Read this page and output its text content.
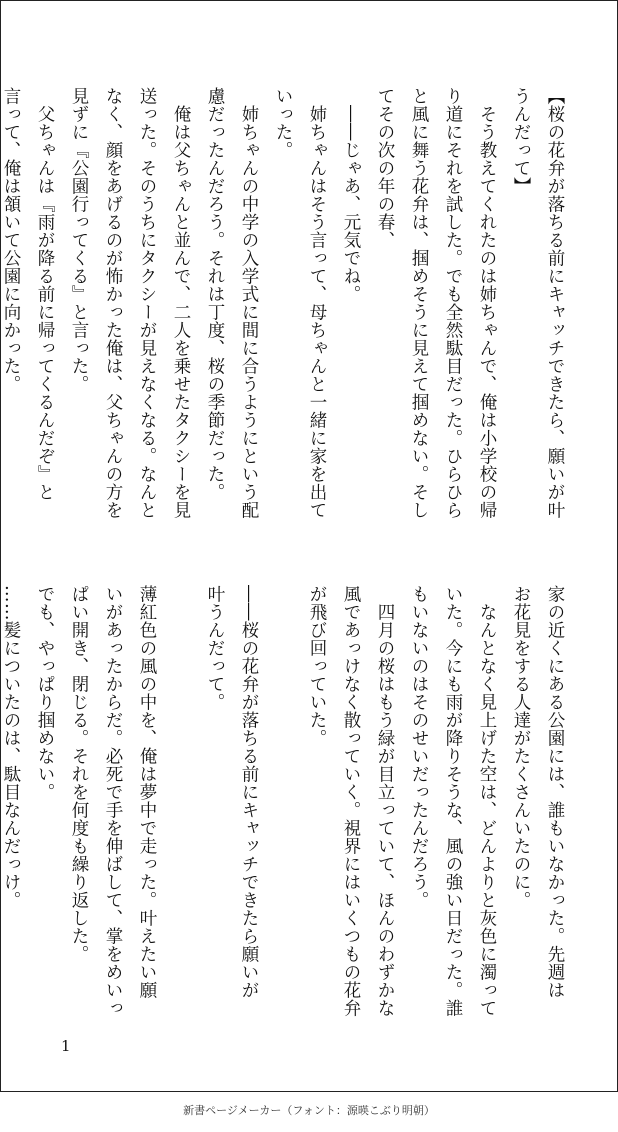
【桜の花弁が落ちる前にキャッチできたら、願いが叶
うんだって】
　そう教えてくれたのは姉ちゃんで、俺は小学校の帰
り道にそれを試した。でも全然駄目だった。ひらひら
と風に舞う花弁は、掴めそうに見えて掴めない。そし
てその次の年の春、
　――じゃあ、元気でね。
　姉ちゃんはそう言って、母ちゃんと一緒に家を出て
いった。
　姉ちゃんの中学の入学式に間に合うようにという配
慮だったんだろう。それは丁度、桜の季節だった。
　俺は父ちゃんと並んで、二人を乗せたタクシーを見
送った。そのうちにタクシーが見えなくなる。なんと
なく、顔をあげるのが怖かった俺は、父ちゃんの方を
見ずに『公園行ってくる』と言った。
　父ちゃんは『雨が降る前に帰ってくるんだぞ』と
言って、俺は頷いて公園に向かった。
家の近くにある公園には、誰もいなかった。先週は
お花見をする人達がたくさんいたのに。
　なんとなく見上げた空は、どんよりと灰色に濁って
いた。今にも雨が降りそうな、風の強い日だった。誰
もいないのはそのせいだったんだろう。
　四月の桜はもう緑が目立っていて、ほんのわずかな
風であっけなく散っていく。視界にはいくつもの花弁
が飛び回っていた。

――桜の花弁が落ちる前にキャッチできたら願いが
叶うんだって。

薄紅色の風の中を、俺は夢中で走った。叶えたい願
いがあったからだ。必死で手を伸ばして、掌をめいっ
ぱい開き、閉じる。それを何度も繰り返した。
でも、やっぱり掴めない。
……髪についたのは、駄目なんだっけ。
1
新書ページメーカー（フォント：源暎こぶり明朝）
